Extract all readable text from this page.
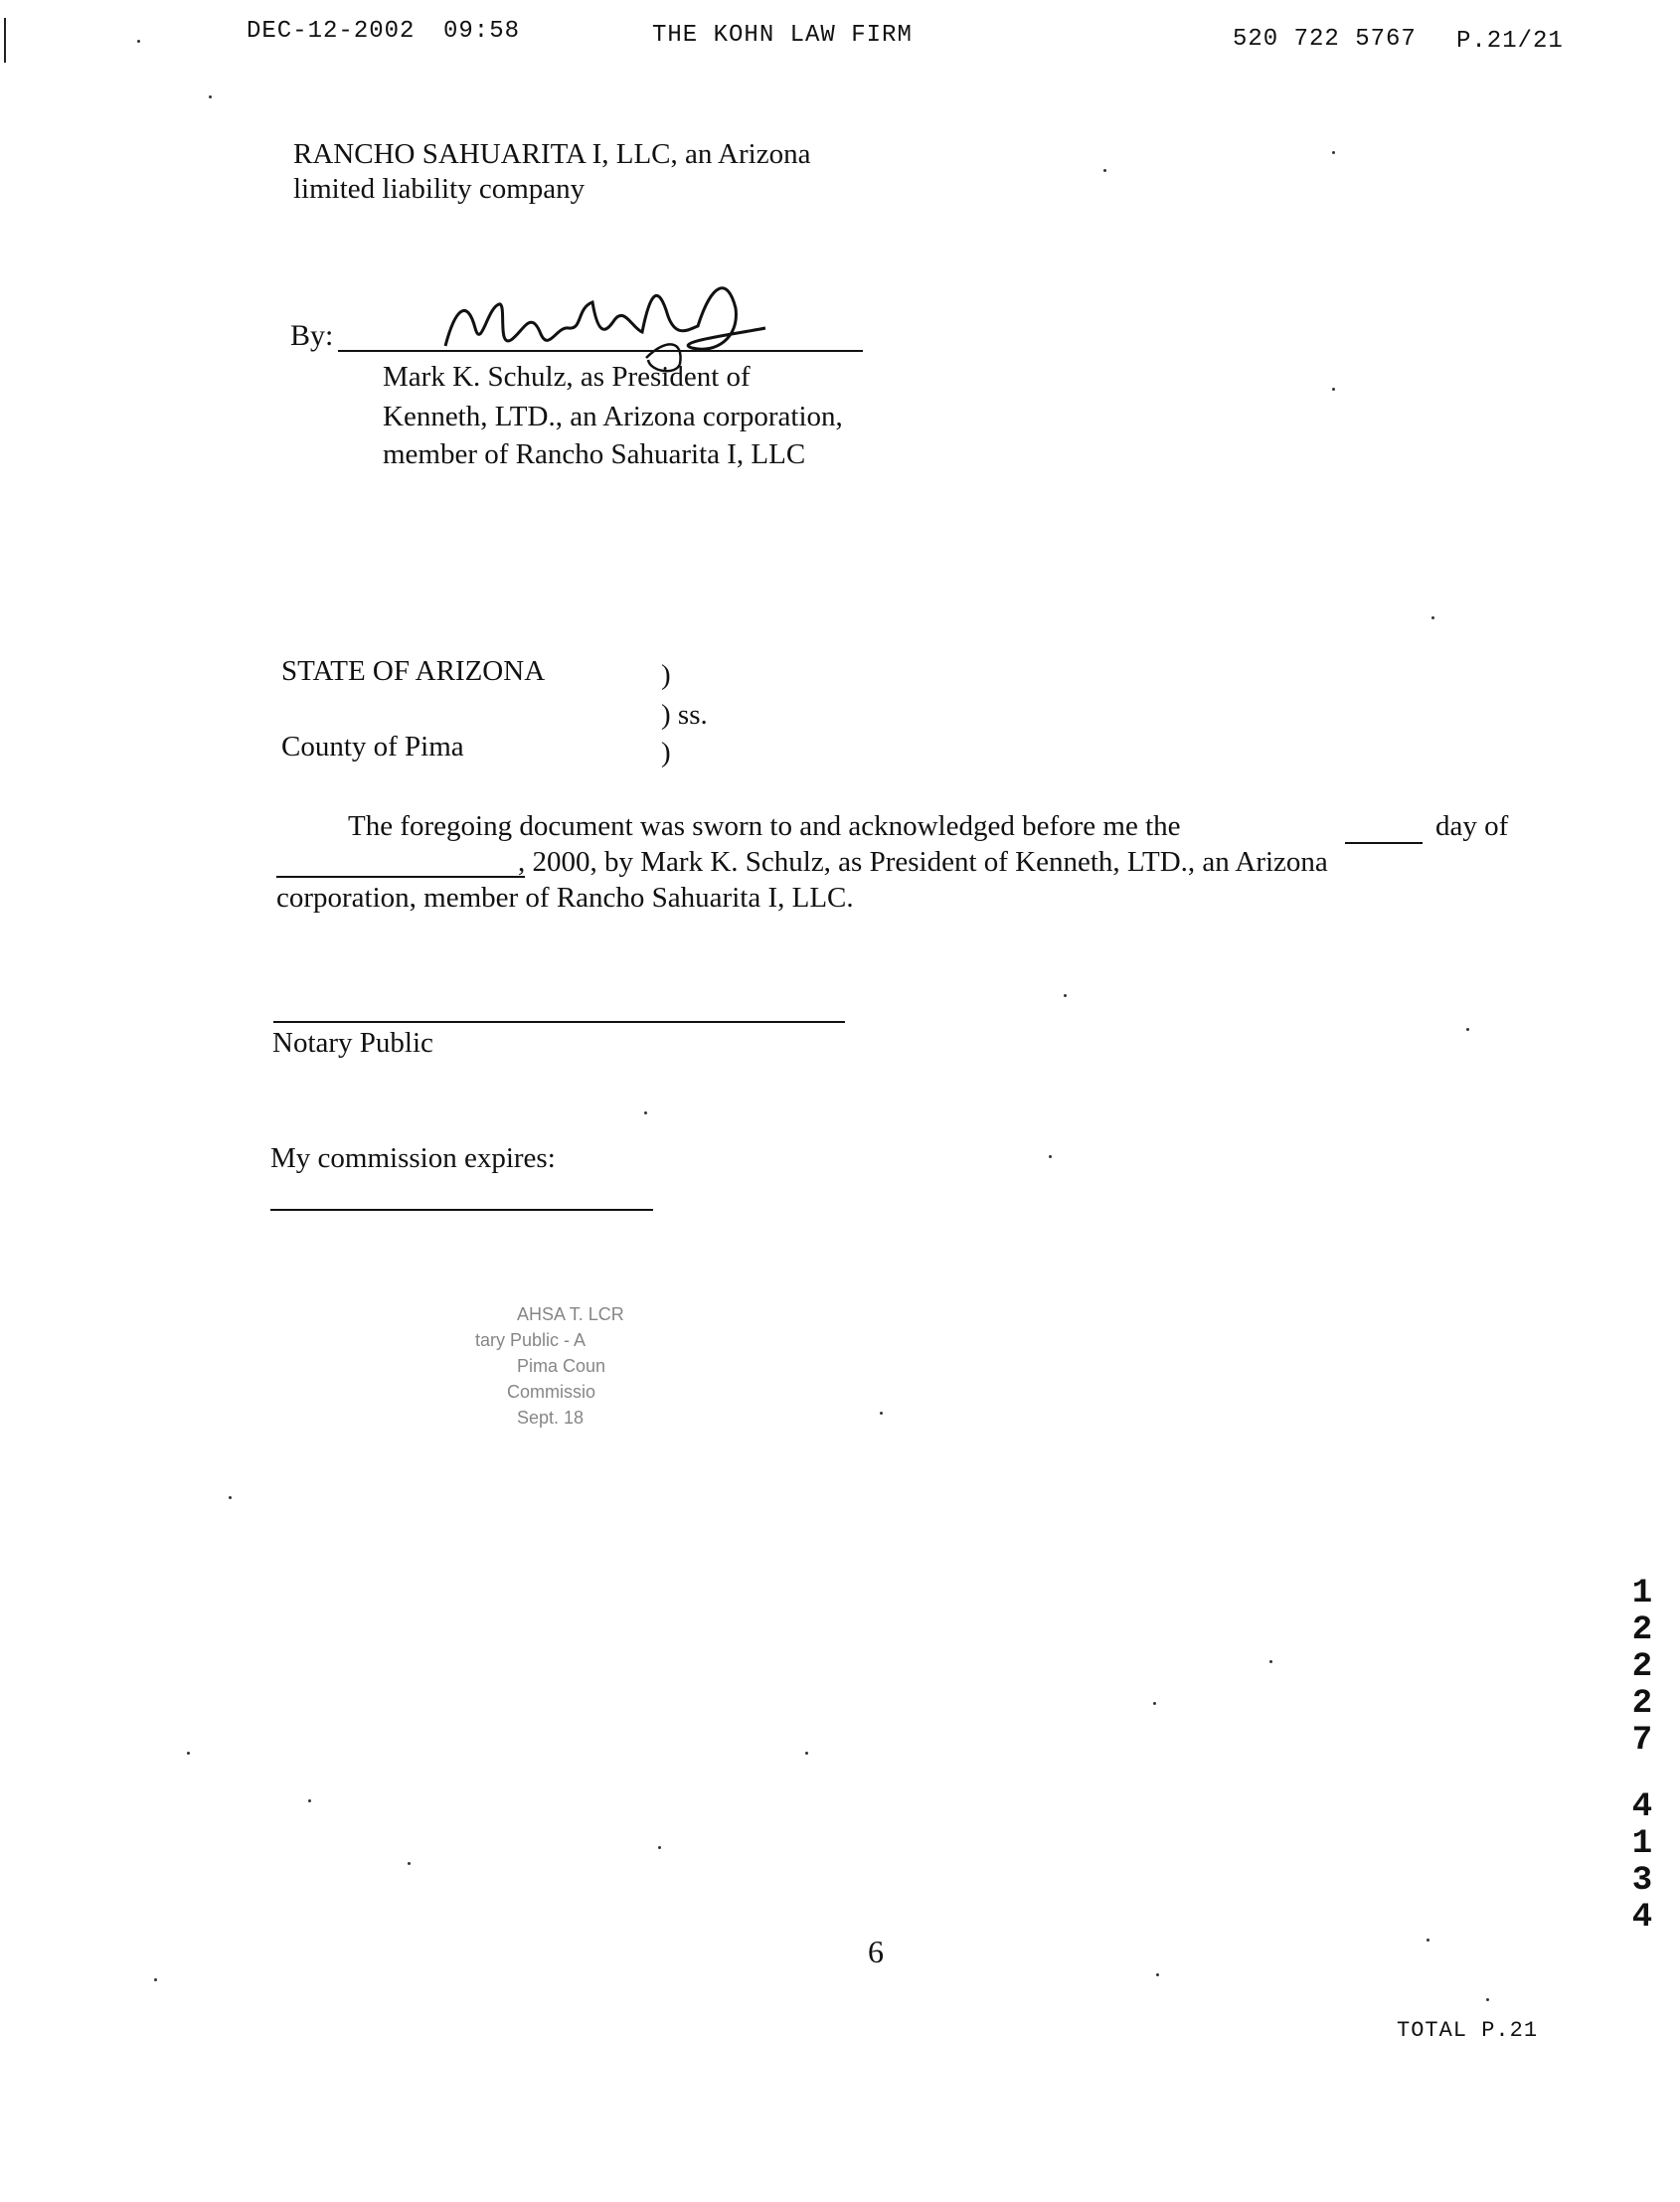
DEC-12-2002 09:58	THE KOHN LAW FIRM	520 722 5767 P.21/21
RANCHO SAHUARITA I, LLC, an Arizona
limited liability company
By:
Mark K. Schulz, as President of
Kenneth, LTD., an Arizona corporation,
member of Rancho Sahuarita I, LLC
STATE OF ARIZONA	)
) ss.
County of Pima	)
The foregoing document was sworn to and acknowledged before me the	day of
, 2000, by Mark K. Schulz, as President of Kenneth, LTD., an Arizona
corporation, member of Rancho Sahuarita I, LLC.
Notary Public
My commission expires:
AHSA T. LCR
tary Public - A
Pima Coun
Commissio
Sept. 18
1
2
2
2
7
4
1
3
4
6
TOTAL P.21
